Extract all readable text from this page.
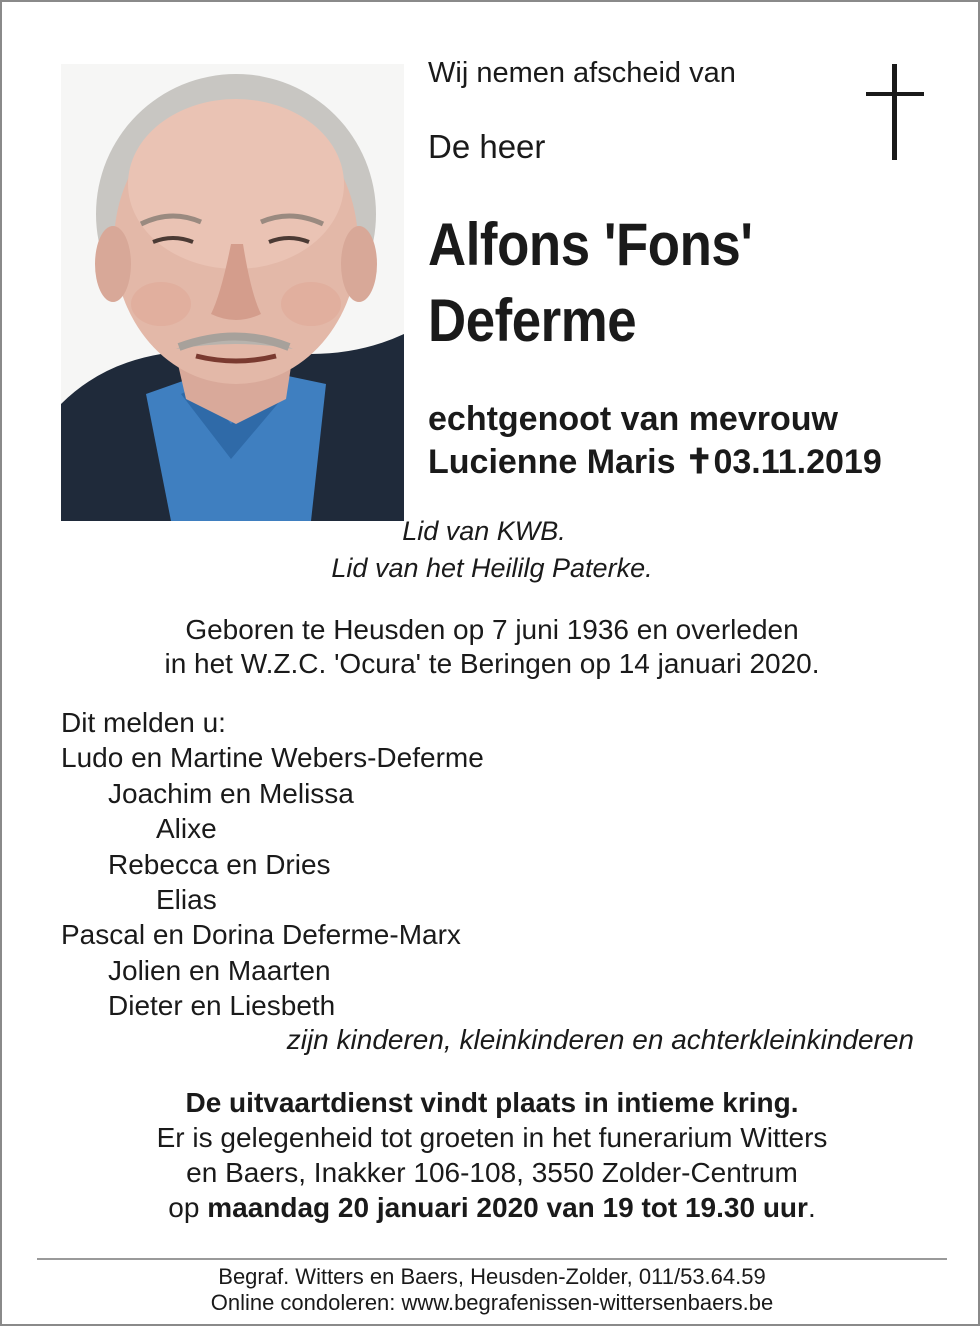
Wij nemen afscheid van
De heer
Alfons 'Fons'
Deferme
echtgenoot van mevrouw
Lucienne Maris ✝03.11.2019
Lid van KWB.
Lid van het Heililg Paterke.
Geboren te Heusden op 7 juni 1936 en overleden
in het W.Z.C. 'Ocura' te Beringen op 14 januari 2020.
Dit melden u:
Ludo en Martine Webers-Deferme
Joachim en Melissa
Alixe
Rebecca en Dries
Elias
Pascal en Dorina Deferme-Marx
Jolien en Maarten
Dieter en Liesbeth
zijn kinderen, kleinkinderen en achterkleinkinderen
De uitvaartdienst vindt plaats in intieme kring.
Er is gelegenheid tot groeten in het funerarium Witters
en Baers, Inakker 106-108, 3550 Zolder-Centrum
op maandag 20 januari 2020 van 19 tot 19.30 uur.
Begraf. Witters en Baers, Heusden-Zolder, 011/53.64.59
Online condoleren: www.begrafenissen-wittersenbaers.be
